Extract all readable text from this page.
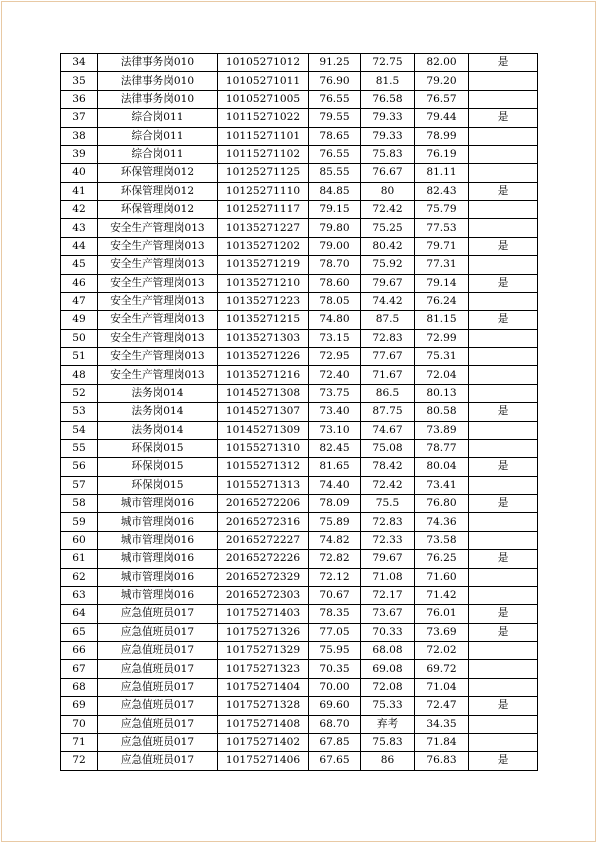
34	法律事务岗010	10105271012	91.25	72.75	82.00	是
35	法律事务岗010	10105271011	76.90	81.5	79.20	
36	法律事务岗010	10105271005	76.55	76.58	76.57	
37	综合岗011	10115271022	79.55	79.33	79.44	是
38	综合岗011	10115271101	78.65	79.33	78.99	
39	综合岗011	10115271102	76.55	75.83	76.19	
40	环保管理岗012	10125271125	85.55	76.67	81.11	
41	环保管理岗012	10125271110	84.85	80	82.43	是
42	环保管理岗012	10125271117	79.15	72.42	75.79	
43	安全生产管理岗013	10135271227	79.80	75.25	77.53	
44	安全生产管理岗013	10135271202	79.00	80.42	79.71	是
45	安全生产管理岗013	10135271219	78.70	75.92	77.31	
46	安全生产管理岗013	10135271210	78.60	79.67	79.14	是
47	安全生产管理岗013	10135271223	78.05	74.42	76.24	
49	安全生产管理岗013	10135271215	74.80	87.5	81.15	是
50	安全生产管理岗013	10135271303	73.15	72.83	72.99	
51	安全生产管理岗013	10135271226	72.95	77.67	75.31	
48	安全生产管理岗013	10135271216	72.40	71.67	72.04	
52	法务岗014	10145271308	73.75	86.5	80.13	
53	法务岗014	10145271307	73.40	87.75	80.58	是
54	法务岗014	10145271309	73.10	74.67	73.89	
55	环保岗015	10155271310	82.45	75.08	78.77	
56	环保岗015	10155271312	81.65	78.42	80.04	是
57	环保岗015	10155271313	74.40	72.42	73.41	
58	城市管理岗016	20165272206	78.09	75.5	76.80	是
59	城市管理岗016	20165272316	75.89	72.83	74.36	
60	城市管理岗016	20165272227	74.82	72.33	73.58	
61	城市管理岗016	20165272226	72.82	79.67	76.25	是
62	城市管理岗016	20165272329	72.12	71.08	71.60	
63	城市管理岗016	20165272303	70.67	72.17	71.42	
64	应急值班员017	10175271403	78.35	73.67	76.01	是
65	应急值班员017	10175271326	77.05	70.33	73.69	是
66	应急值班员017	10175271329	75.95	68.08	72.02	
67	应急值班员017	10175271323	70.35	69.08	69.72	
68	应急值班员017	10175271404	70.00	72.08	71.04	
69	应急值班员017	10175271328	69.60	75.33	72.47	是
70	应急值班员017	10175271408	68.70	弃考	34.35	
71	应急值班员017	10175271402	67.85	75.83	71.84	
72	应急值班员017	10175271406	67.65	86	76.83	是
